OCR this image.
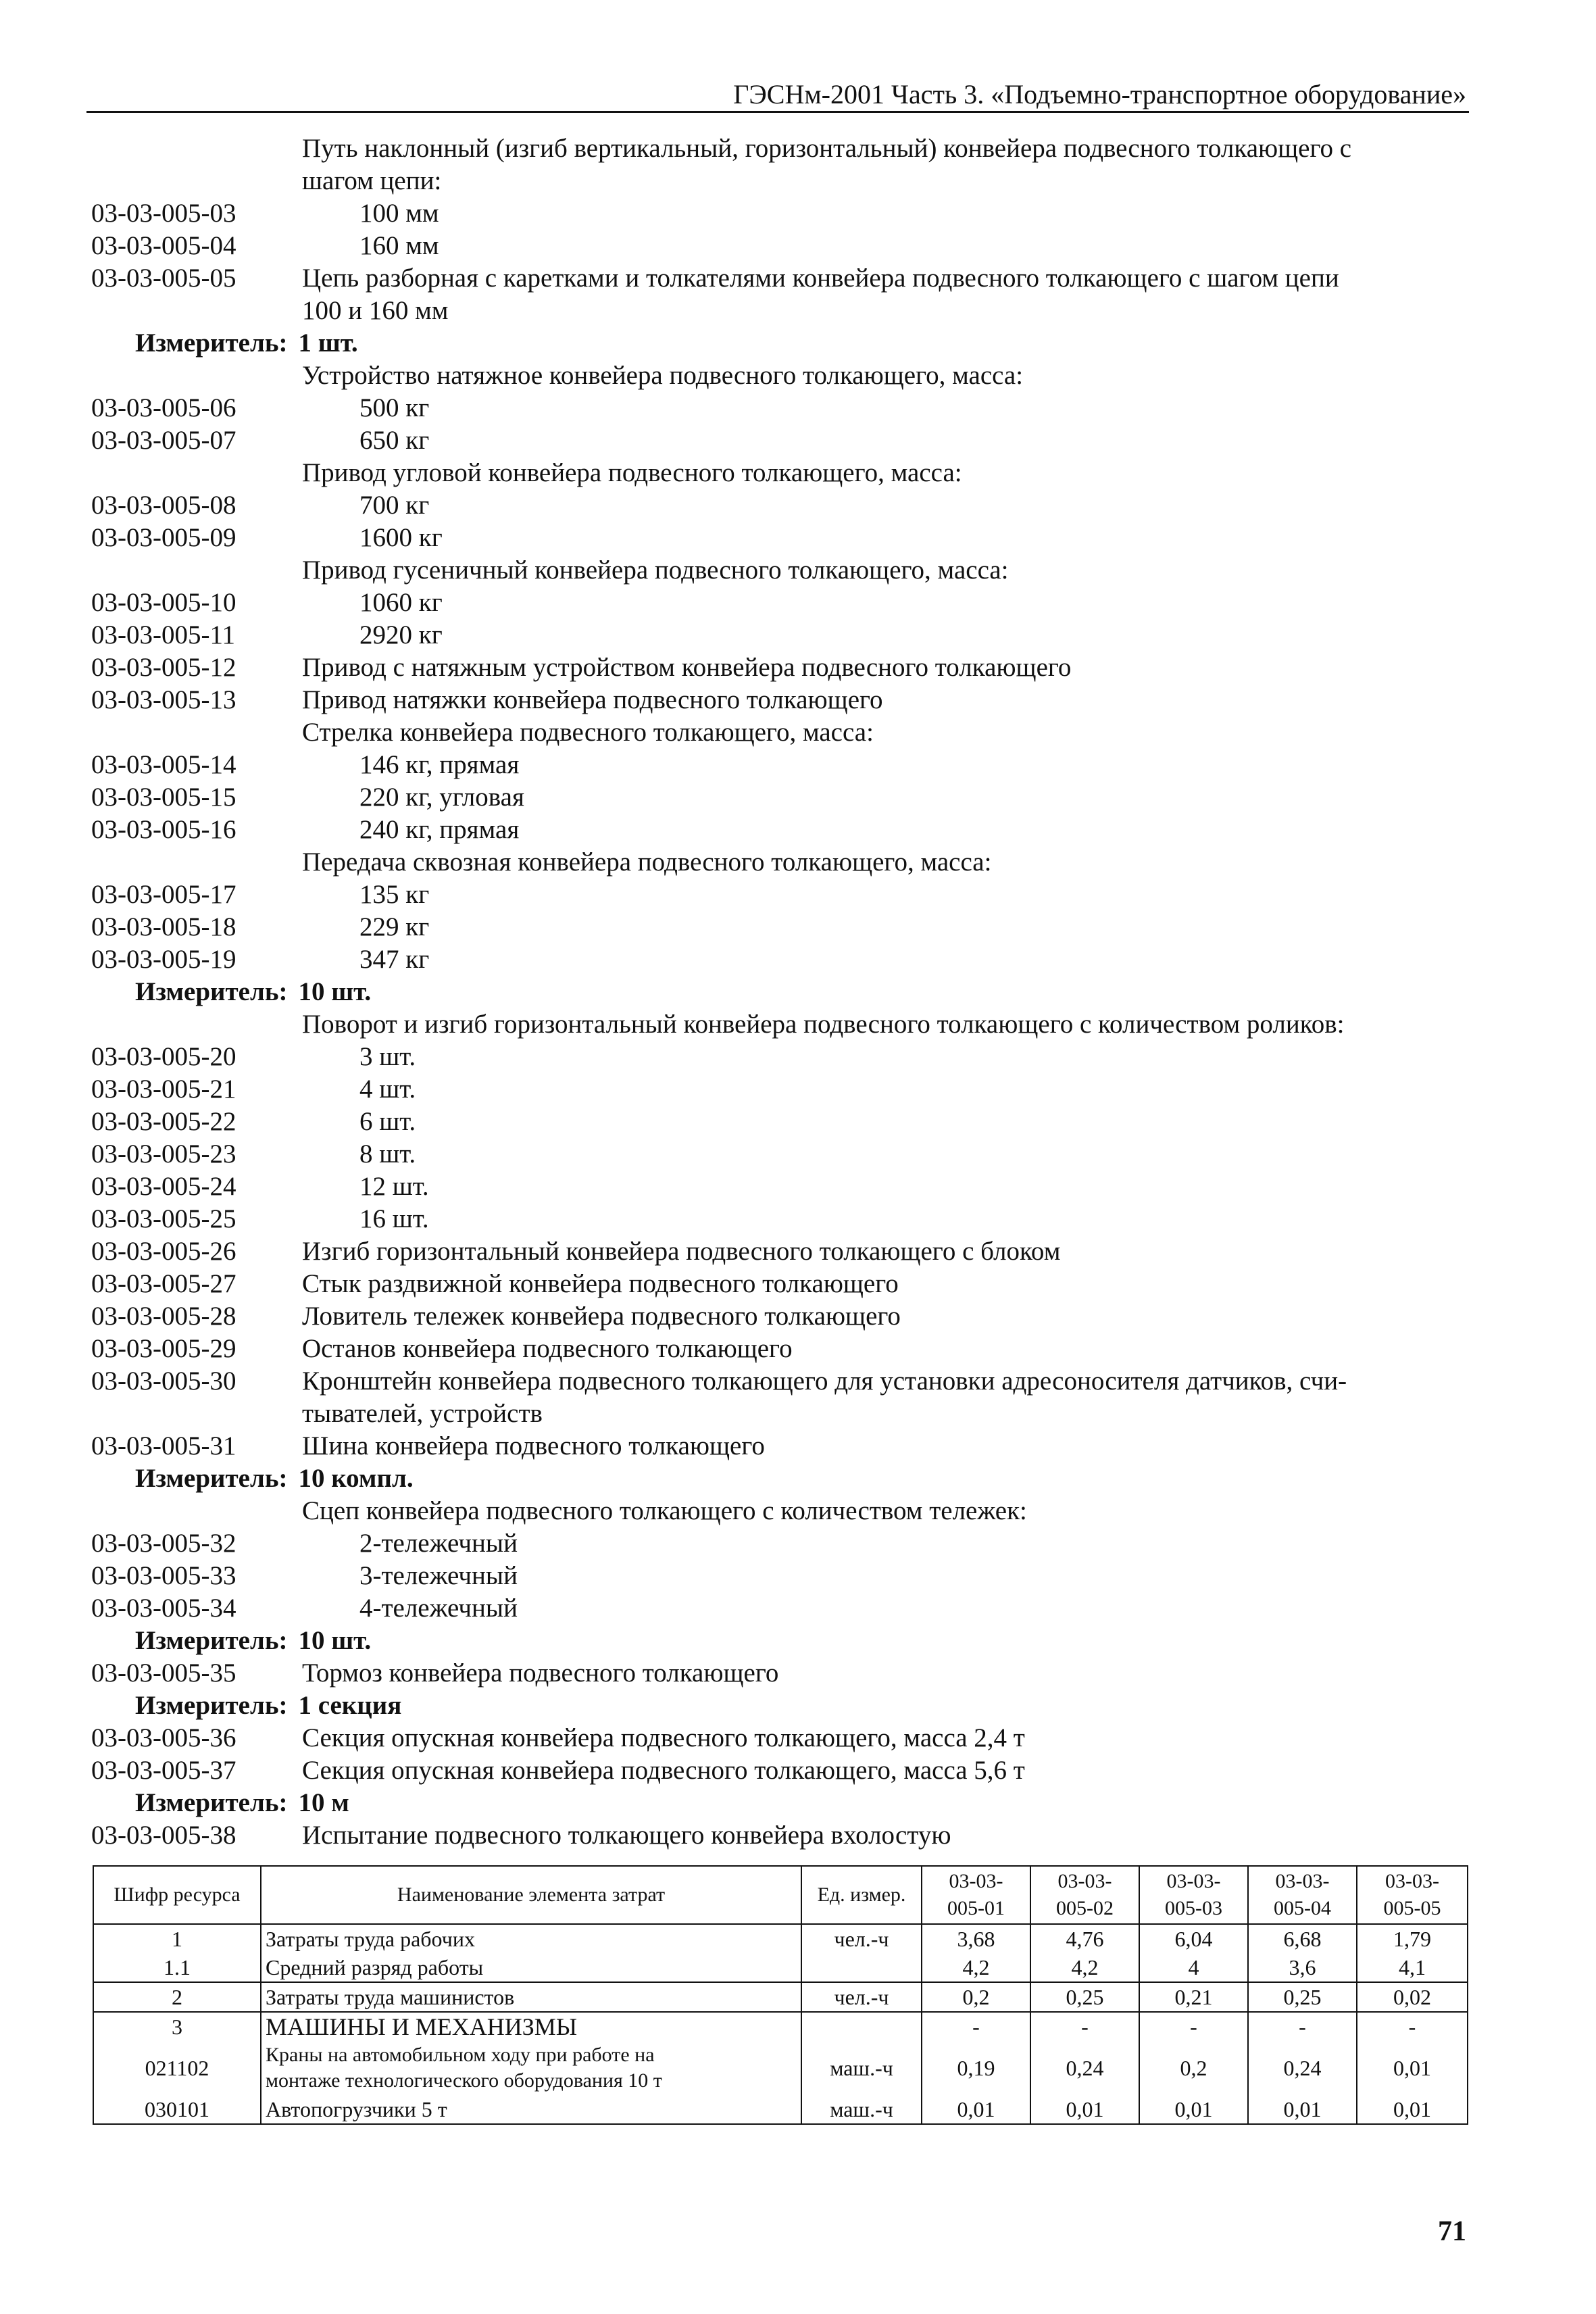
ГЭСНм-2001 Часть 3. «Подъемно-транспортное оборудование»
Путь наклонный (изгиб вертикальный, горизонтальный) конвейера подвесного толкающего с
шагом цепи:
03-03-005-03	100 мм
03-03-005-04	160 мм
03-03-005-05	Цепь разборная с каретками и толкателями конвейера подвесного толкающего с шагом цепи
100 и 160 мм
Измеритель: 1 шт.
Устройство натяжное конвейера подвесного толкающего, масса:
03-03-005-06	500 кг
03-03-005-07	650 кг
Привод угловой конвейера подвесного толкающего, масса:
03-03-005-08	700 кг
03-03-005-09	1600 кг
Привод гусеничный конвейера подвесного толкающего, масса:
03-03-005-10	1060 кг
03-03-005-11	2920 кг
03-03-005-12	Привод с натяжным устройством конвейера подвесного толкающего
03-03-005-13	Привод натяжки конвейера подвесного толкающего
Стрелка конвейера подвесного толкающего, масса:
03-03-005-14	146 кг, прямая
03-03-005-15	220 кг, угловая
03-03-005-16	240 кг, прямая
Передача сквозная конвейера подвесного толкающего, масса:
03-03-005-17	135 кг
03-03-005-18	229 кг
03-03-005-19	347 кг
Измеритель: 10 шт.
Поворот и изгиб горизонтальный конвейера подвесного толкающего с количеством роликов:
03-03-005-20	3 шт.
03-03-005-21	4 шт.
03-03-005-22	6 шт.
03-03-005-23	8 шт.
03-03-005-24	12 шт.
03-03-005-25	16 шт.
03-03-005-26	Изгиб горизонтальный конвейера подвесного толкающего с блоком
03-03-005-27	Стык раздвижной конвейера подвесного толкающего
03-03-005-28	Ловитель тележек конвейера подвесного толкающего
03-03-005-29	Останов конвейера подвесного толкающего
03-03-005-30	Кронштейн конвейера подвесного толкающего для установки адресоносителя датчиков, счи-
тывателей, устройств
03-03-005-31	Шина конвейера подвесного толкающего
Измеритель: 10 компл.
Сцеп конвейера подвесного толкающего с количеством тележек:
03-03-005-32	2-тележечный
03-03-005-33	3-тележечный
03-03-005-34	4-тележечный
Измеритель: 10 шт.
03-03-005-35	Тормоз конвейера подвесного толкающего
Измеритель: 1 секция
03-03-005-36	Секция опускная конвейера подвесного толкающего, масса 2,4 т
03-03-005-37	Секция опускная конвейера подвесного толкающего, масса 5,6 т
Измеритель: 10 м
03-03-005-38	Испытание подвесного толкающего конвейера вхолостую
Шифр ресурса	Наименование элемента затрат	Ед. измер.	03-03-
005-01	03-03-
005-02	03-03-
005-03	03-03-
005-04	03-03-
005-05
1	Затраты труда рабочих	чел.-ч	3,68	4,76	6,04	6,68	1,79
1.1	Средний разряд работы		4,2	4,2	4	3,6	4,1
2	Затраты труда машинистов	чел.-ч	0,2	0,25	0,21	0,25	0,02
3	МАШИНЫ И МЕХАНИЗМЫ		-	-	-	-	-
021102	Краны на автомобильном ходу при работе на
монтаже технологического оборудования 10 т	маш.-ч	0,19	0,24	0,2	0,24	0,01
030101	Автопогрузчики 5 т	маш.-ч	0,01	0,01	0,01	0,01	0,01
71
